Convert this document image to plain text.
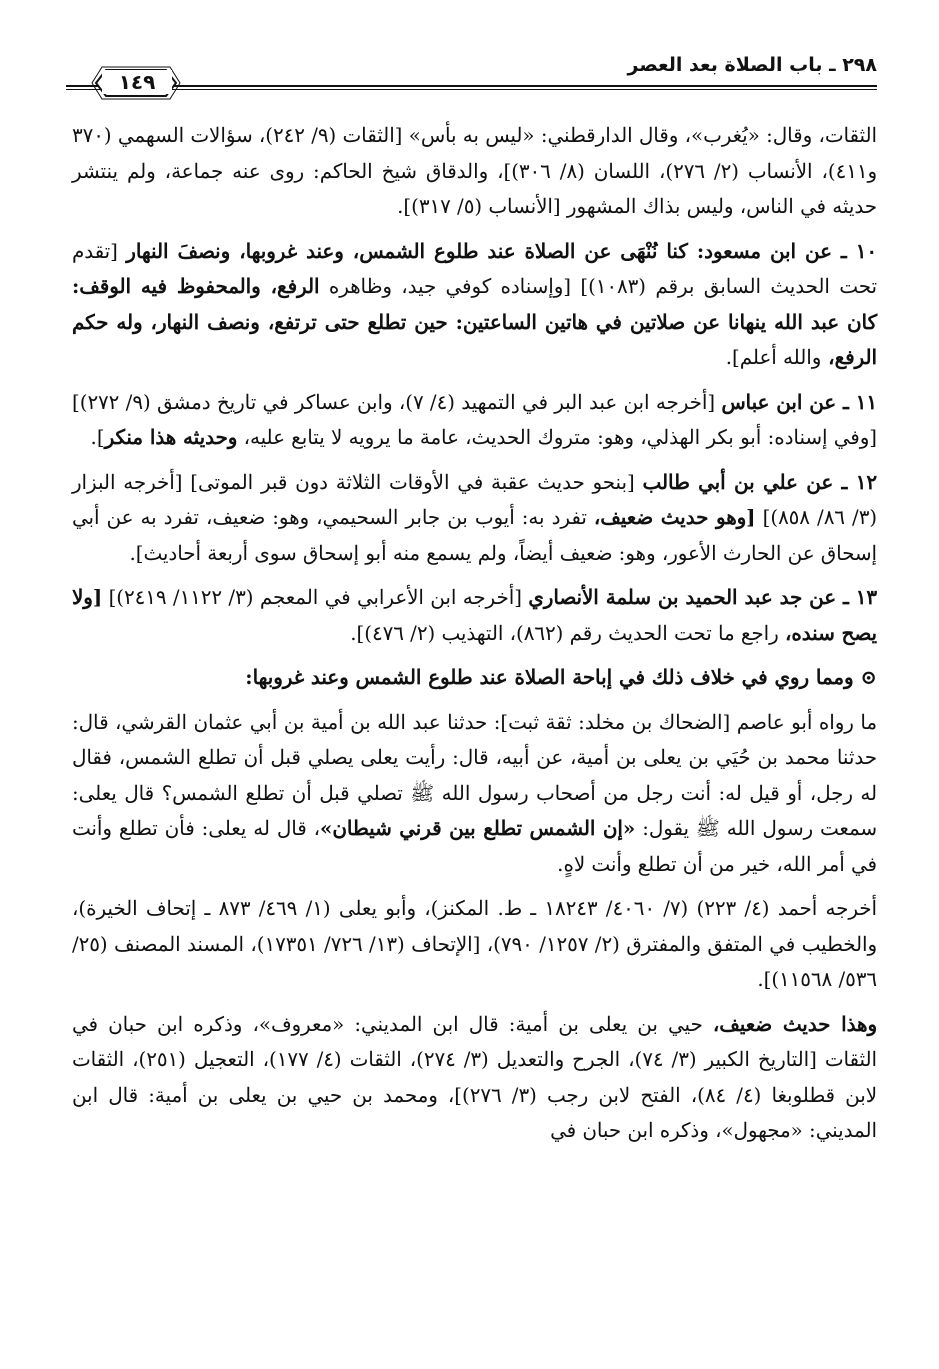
٢٩٨ ـ باب الصلاة بعد العصر
١٤٩

الثقات، وقال: «يُغرب»، وقال الدارقطني: «ليس به بأس» [الثقات (٩/ ٢٤٢)، سؤالات السهمي (٣٧٠ و٤١١)، الأنساب (٢/ ٢٧٦)، اللسان (٨/ ٣٠٦)]، والدقاق شيخ الحاكم: روى عنه جماعة، ولم ينتشر حديثه في الناس، وليس بذاك المشهور [الأنساب (٥/ ٣١٧)].

١٠ ـ عن ابن مسعود: كنا نُنْهَى عن الصلاة عند طلوع الشمس، وعند غروبها، ونصفَ النهار [تقدم تحت الحديث السابق برقم (١٠٨٣)] [وإسناده كوفي جيد، وظاهره الرفع، والمحفوظ فيه الوقف: كان عبد الله ينهانا عن صلاتين في هاتين الساعتين: حين تطلع حتى ترتفع، ونصف النهار، وله حكم الرفع، والله أعلم].

١١ ـ عن ابن عباس [أخرجه ابن عبد البر في التمهيد (٤/ ٧)، وابن عساكر في تاريخ دمشق (٩/ ٢٧٢)] [وفي إسناده: أبو بكر الهذلي، وهو: متروك الحديث، عامة ما يرويه لا يتابع عليه، وحديثه هذا منكر].

١٢ ـ عن علي بن أبي طالب [بنحو حديث عقبة في الأوقات الثلاثة دون قبر الموتى] [أخرجه البزار (٣/ ٨٦/ ٨٥٨)] [وهو حديث ضعيف، تفرد به: أيوب بن جابر السحيمي، وهو: ضعيف، تفرد به عن أبي إسحاق عن الحارث الأعور، وهو: ضعيف أيضاً، ولم يسمع منه أبو إسحاق سوى أربعة أحاديث].

١٣ ـ عن جد عبد الحميد بن سلمة الأنصاري [أخرجه ابن الأعرابي في المعجم (٣/ ١١٢٢/ ٢٤١٩)] [ولا يصح سنده، راجع ما تحت الحديث رقم (٨٦٢)، التهذيب (٢/ ٤٧٦)].

⊙ ومما روي في خلاف ذلك في إباحة الصلاة عند طلوع الشمس وعند غروبها:

ما رواه أبو عاصم [الضحاك بن مخلد: ثقة ثبت]: حدثنا عبد الله بن أمية بن أبي عثمان القرشي، قال: حدثنا محمد بن حُيَي بن يعلى بن أمية، عن أبيه، قال: رأيت يعلى يصلي قبل أن تطلع الشمس، فقال له رجل، أو قيل له: أنت رجل من أصحاب رسول الله ﷺ تصلي قبل أن تطلع الشمس؟ قال يعلى: سمعت رسول الله ﷺ يقول: «إن الشمس تطلع بين قرني شيطان»، قال له يعلى: فأن تطلع وأنت في أمر الله، خير من أن تطلع وأنت لاهٍ.

أخرجه أحمد (٤/ ٢٢٣) (٧/ ٤٠٦٠/ ١٨٢٤٣ ـ ط. المكنز)، وأبو يعلى (١/ ٤٦٩/ ٨٧٣ ـ إتحاف الخيرة)، والخطيب في المتفق والمفترق (٢/ ١٢٥٧/ ٧٩٠)، [الإتحاف (١٣/ ٧٢٦/ ١٧٣٥١)، المسند المصنف (٢٥/ ٥٣٦/ ١١٥٦٨)].

وهذا حديث ضعيف، حيي بن يعلى بن أمية: قال ابن المديني: «معروف»، وذكره ابن حبان في الثقات [التاريخ الكبير (٣/ ٧٤)، الجرح والتعديل (٣/ ٢٧٤)، الثقات (٤/ ١٧٧)، التعجيل (٢٥١)، الثقات لابن قطلوبغا (٤/ ٨٤)، الفتح لابن رجب (٣/ ٢٧٦)]، ومحمد بن حيي بن يعلى بن أمية: قال ابن المديني: «مجهول»، وذكره ابن حبان في
